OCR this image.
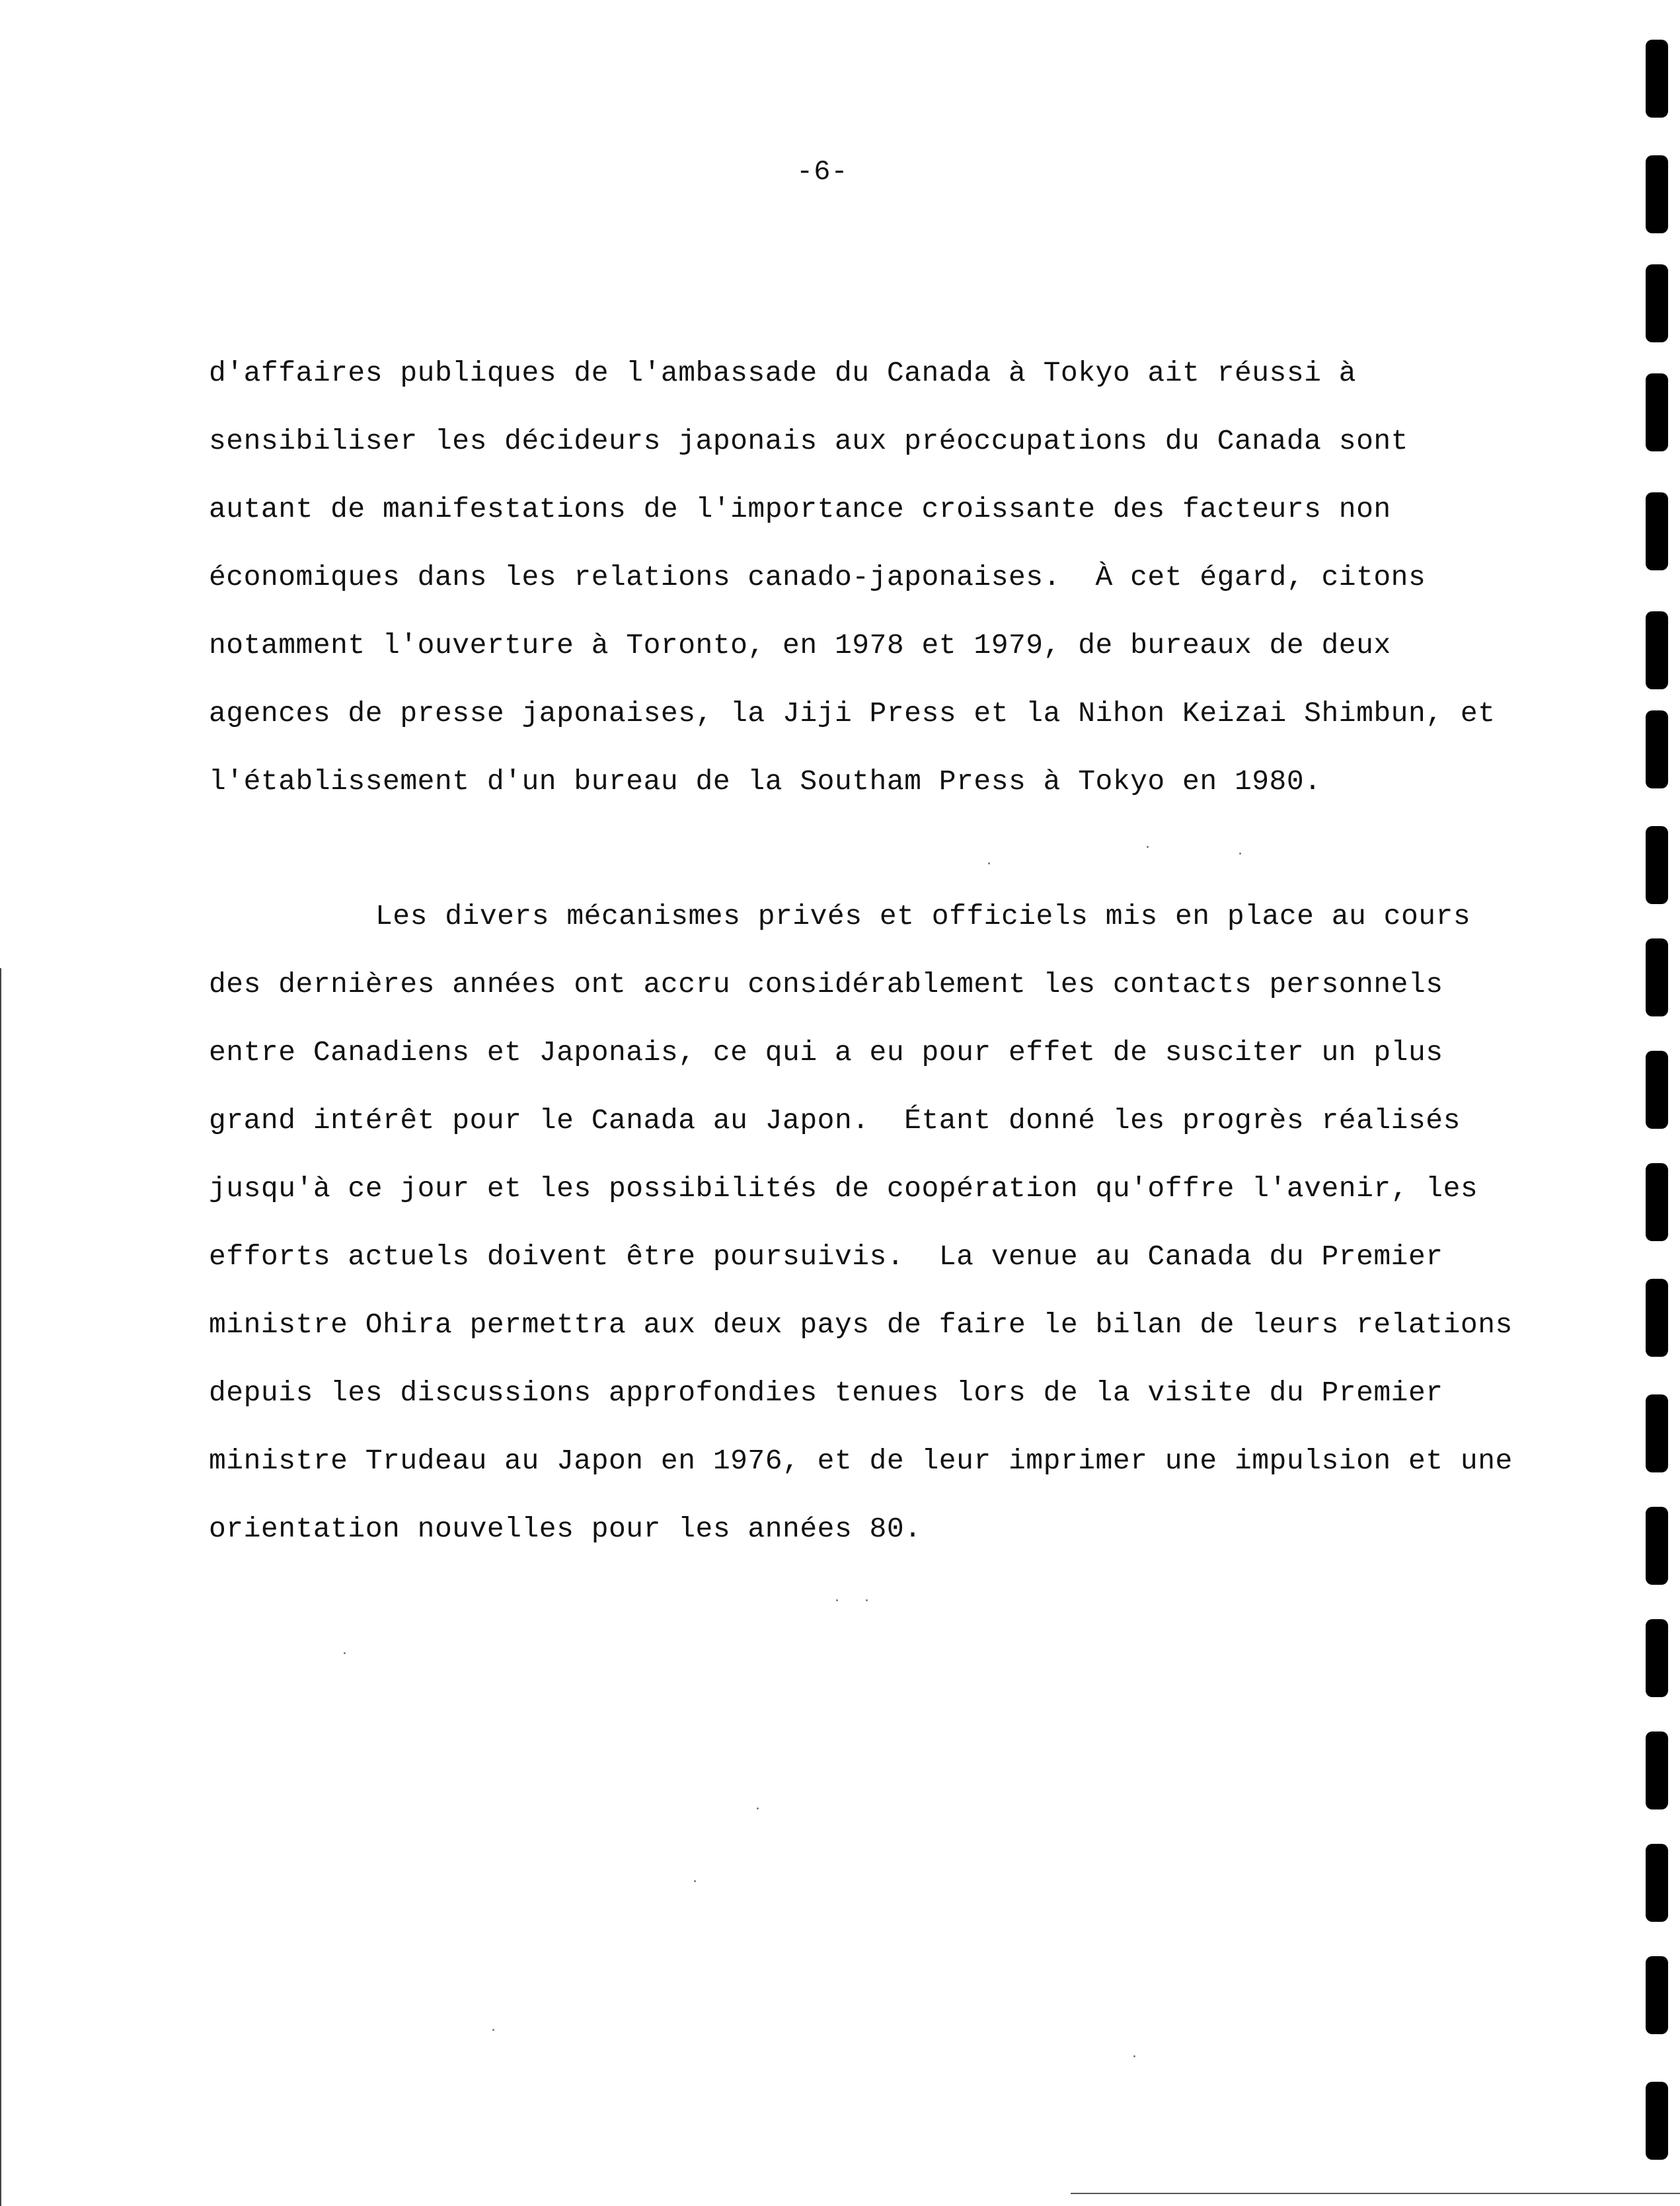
-6-
d'affaires publiques de l'ambassade du Canada à Tokyo ait réussi à
sensibiliser les décideurs japonais aux préoccupations du Canada sont
autant de manifestations de l'importance croissante des facteurs non
économiques dans les relations canado-japonaises.  À cet égard, citons
notamment l'ouverture à Toronto, en 1978 et 1979, de bureaux de deux
agences de presse japonaises, la Jiji Press et la Nihon Keizai Shimbun, et
l'établissement d'un bureau de la Southam Press à Tokyo en 1980.
Les divers mécanismes privés et officiels mis en place au cours
des dernières années ont accru considérablement les contacts personnels
entre Canadiens et Japonais, ce qui a eu pour effet de susciter un plus
grand intérêt pour le Canada au Japon.  Étant donné les progrès réalisés
jusqu'à ce jour et les possibilités de coopération qu'offre l'avenir, les
efforts actuels doivent être poursuivis.  La venue au Canada du Premier
ministre Ohira permettra aux deux pays de faire le bilan de leurs relations
depuis les discussions approfondies tenues lors de la visite du Premier
ministre Trudeau au Japon en 1976, et de leur imprimer une impulsion et une
orientation nouvelles pour les années 80.
